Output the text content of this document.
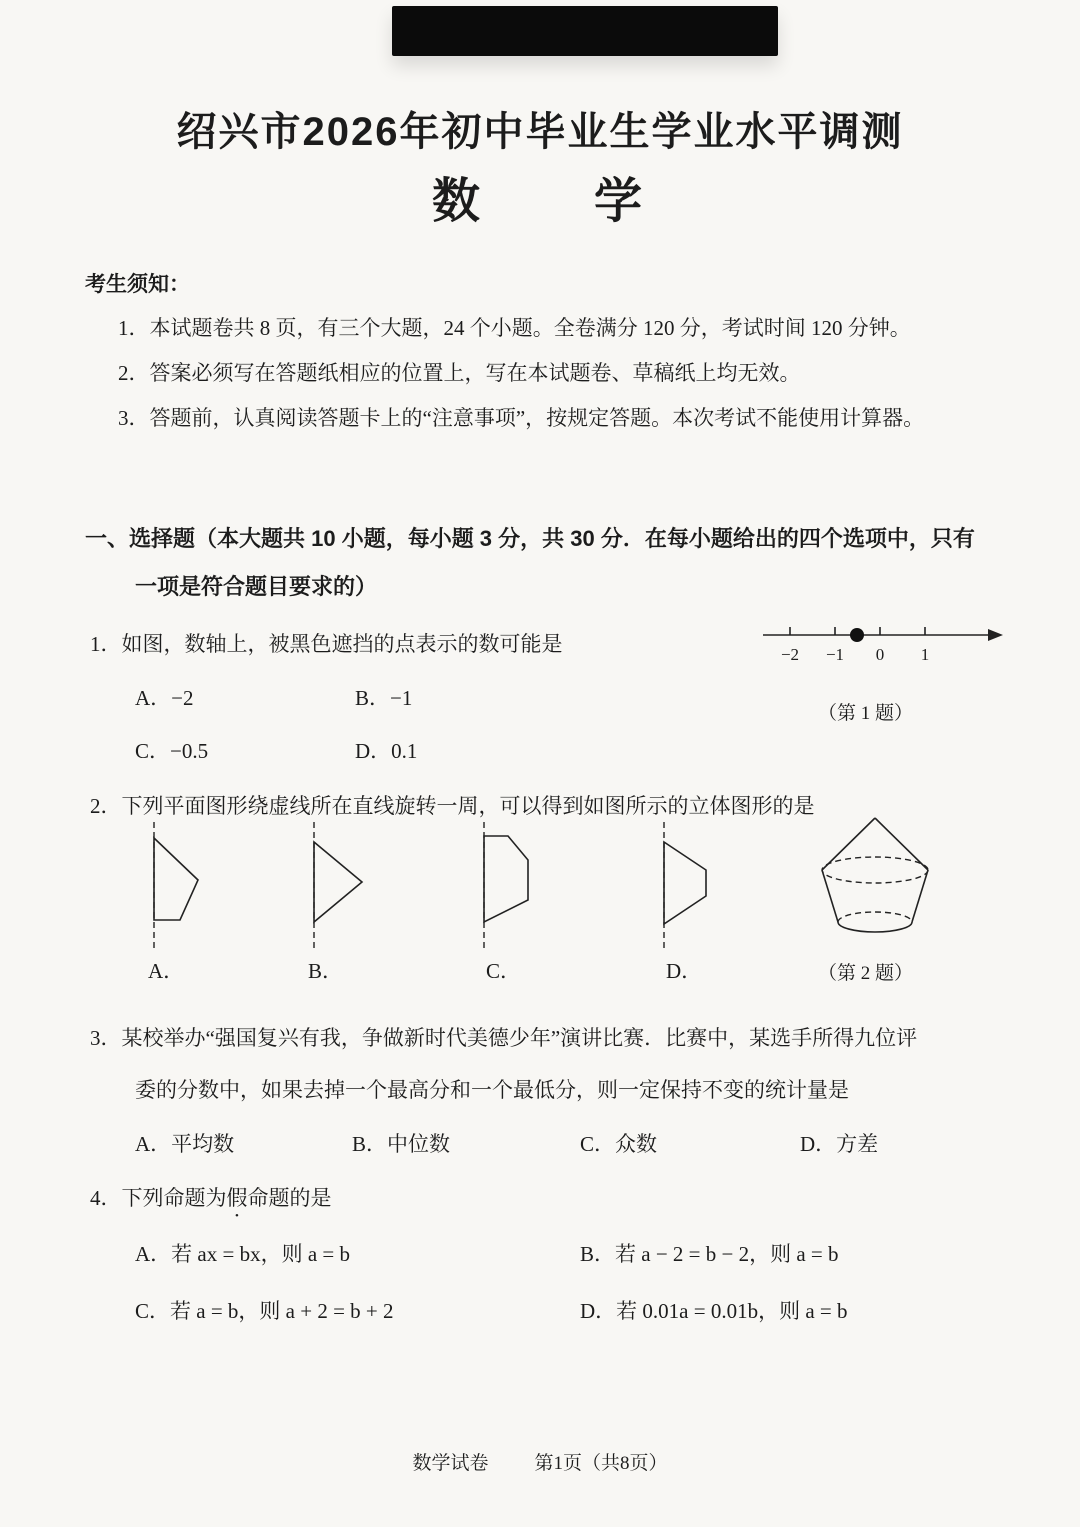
绍兴市2026年初中毕业生学业水平调测
数　　学
考生须知：
1．本试题卷共 8 页，有三个大题，24 个小题。全卷满分 120 分，考试时间 120 分钟。
2．答案必须写在答题纸相应的位置上，写在本试题卷、草稿纸上均无效。
3．答题前，认真阅读答题卡上的“注意事项”，按规定答题。本次考试不能使用计算器。
一、选择题（本大题共 10 小题，每小题 3 分，共 30 分．在每小题给出的四个选项中，只有
一项是符合题目要求的）
1．如图，数轴上，被黑色遮挡的点表示的数可能是	−2 −1 0 1
（第 1 题）
A．−2	B．−1
C．−0.5	D．0.1
2．下列平面图形绕虚线所在直线旋转一周，可以得到如图所示的立体图形的是
A．	B．	C．	D．	（第 2 题）
3．某校举办“强国复兴有我，争做新时代美德少年”演讲比赛．比赛中，某选手所得九位评
委的分数中，如果去掉一个最高分和一个最低分，则一定保持不变的统计量是
A．平均数	B．中位数	C．众数	D．方差
4．下列命题为假命题的是
A．若 ax = bx，则 a = b	B．若 a − 2 = b − 2，则 a = b
C．若 a = b，则 a + 2 = b + 2	D．若 0.01a = 0.01b，则 a = b
数学试卷 第1页（共8页）
